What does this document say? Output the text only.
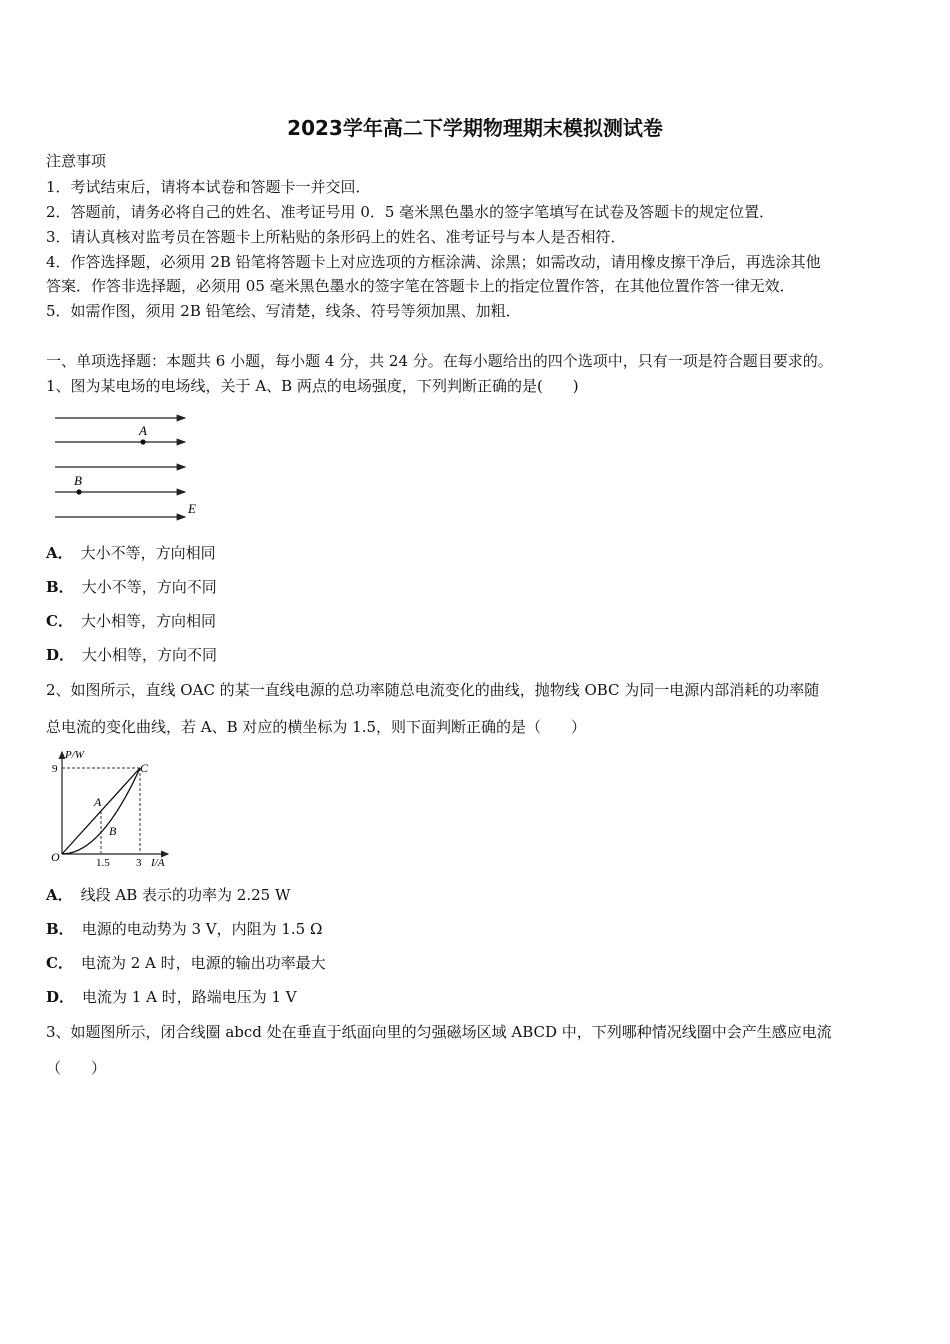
2023学年高二下学期物理期末模拟测试卷
注意事项
1．考试结束后，请将本试卷和答题卡一并交回．
2．答题前，请务必将自己的姓名、准考证号用 0．5 毫米黑色墨水的签字笔填写在试卷及答题卡的规定位置．
3．请认真核对监考员在答题卡上所粘贴的条形码上的姓名、准考证号与本人是否相符．
4．作答选择题，必须用 2B 铅笔将答题卡上对应选项的方框涂满、涂黑；如需改动，请用橡皮擦干净后，再选涂其他
答案．作答非选择题，必须用 05 毫米黑色墨水的签字笔在答题卡上的指定位置作答，在其他位置作答一律无效．
5．如需作图，须用 2B 铅笔绘、写清楚，线条、符号等须加黑、加粗．
一、单项选择题：本题共 6 小题，每小题 4 分，共 24 分。在每小题给出的四个选项中，只有一项是符合题目要求的。
1、图为某电场的电场线，关于 A、B 两点的电场强度，下列判断正确的是(　　)
A
B
E
A． 大小不等，方向相同
B． 大小不等，方向不同
C． 大小相等，方向相同
D． 大小相等，方向不同
2、如图所示，直线 OAC 的某一直线电源的总功率随总电流变化的曲线，抛物线 OBC 为同一电源内部消耗的功率随
总电流的变化曲线，若 A、B 对应的横坐标为 1.5，则下面判断正确的是（　　）
P/W
9	C
A
B
O	1.5 3 I/A
A． 线段 AB 表示的功率为 2.25 W
B． 电源的电动势为 3 V，内阻为 1.5 Ω
C． 电流为 2 A 时，电源的输出功率最大
D． 电流为 1 A 时，路端电压为 1 V
3、如题图所示，闭合线圈 abcd 处在垂直于纸面向里的匀强磁场区域 ABCD 中，下列哪种情况线圈中会产生感应电流
（　　）
